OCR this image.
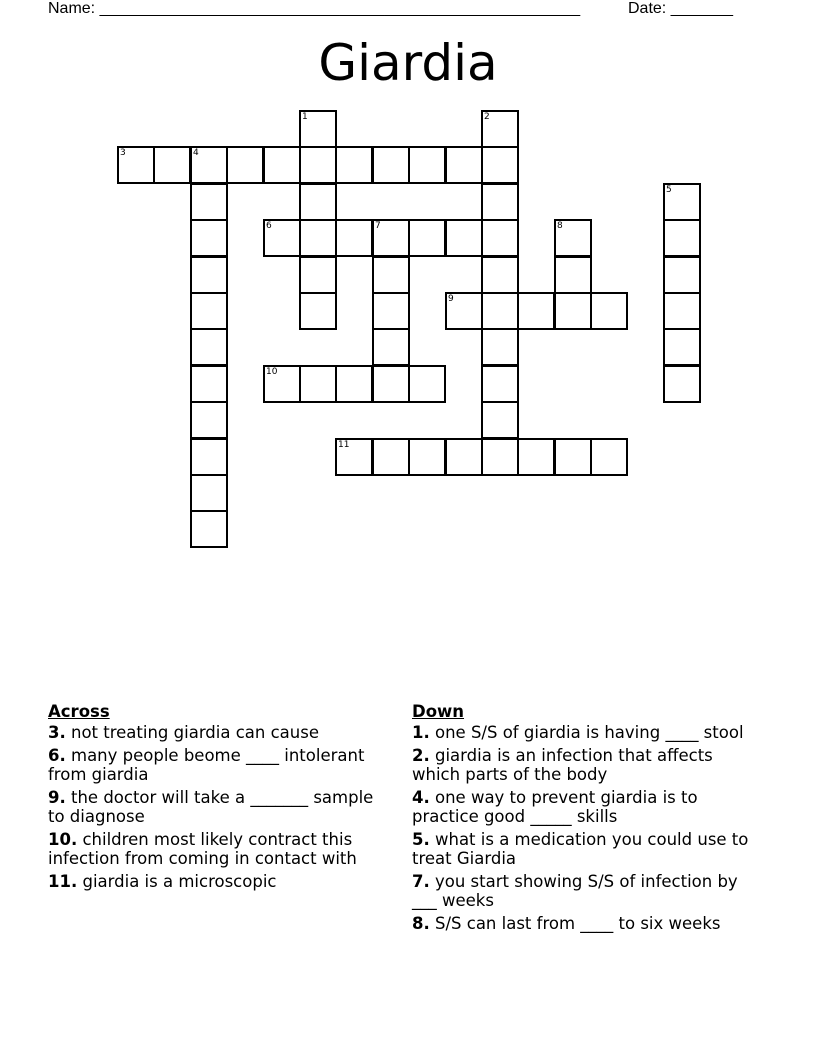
Name: ______________________________________________________	Date: _______
Giardia
1	2
3	4
5
6	7	8
9
10
11
Across
3. not treating giardia can cause
6. many people beome ____ intolerant from giardia
9. the doctor will take a _______ sample to diagnose
10. children most likely contract this infection from coming in contact with
11. giardia is a microscopic
Down
1. one S/S of giardia is having ____ stool
2. giardia is an infection that affects which parts of the body
4. one way to prevent giardia is to practice good _____ skills
5. what is a medication you could use to treat Giardia
7. you start showing S/S of infection by ___ weeks
8. S/S can last from ____ to six weeks
